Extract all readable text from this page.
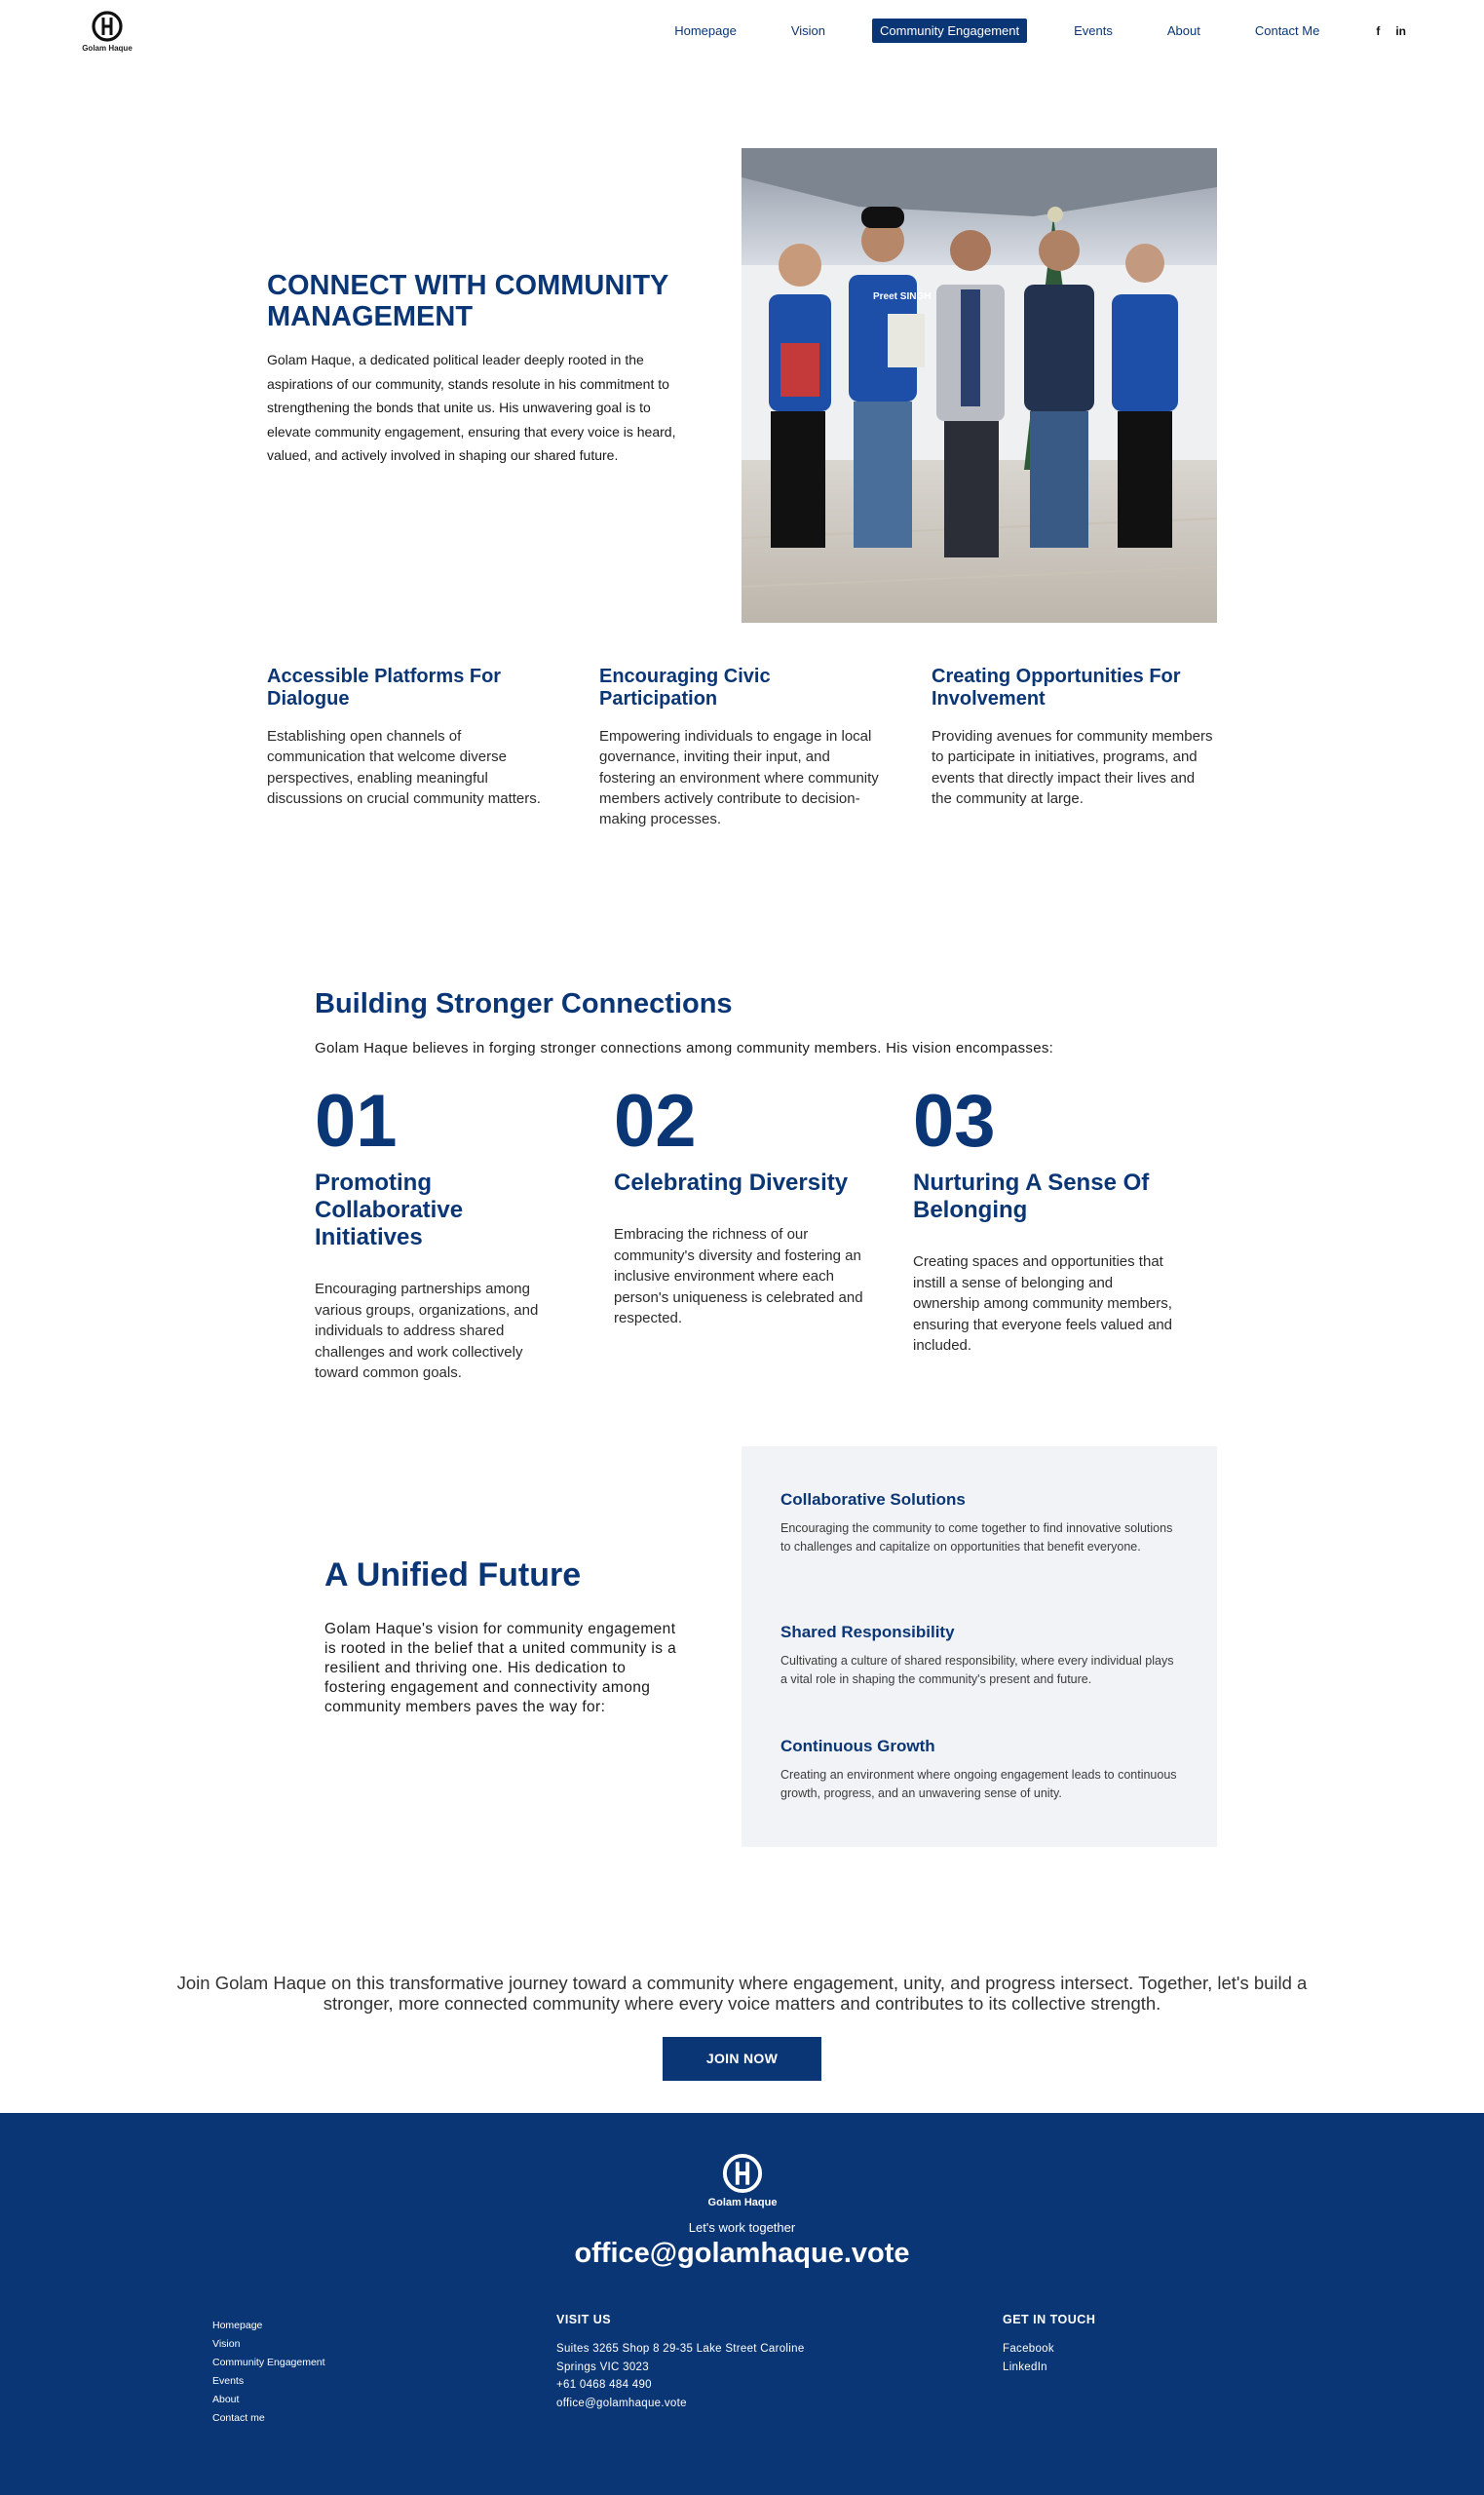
Golam Haque
Homepage	Vision	Community Engagement	Events	About	Contact Me	f in
CONNECT WITH COMMUNITY MANAGEMENT

Golam Haque, a dedicated political leader deeply rooted in the aspirations of our community, stands resolute in his commitment to strengthening the bonds that unite us. His unwavering goal is to elevate community engagement, ensuring that every voice is heard, valued, and actively involved in shaping our shared future.

Preet SINGH
Accessible Platforms For Dialogue

Establishing open channels of communication that welcome diverse perspectives, enabling meaningful discussions on crucial community matters.

Encouraging Civic Participation

Empowering individuals to engage in local governance, inviting their input, and fostering an environment where community members actively contribute to decision-making processes.

Creating Opportunities For Involvement

Providing avenues for community members to participate in initiatives, programs, and events that directly impact their lives and the community at large.

Building Stronger Connections

Golam Haque believes in forging stronger connections among community members. His vision encompasses:

01
Promoting Collaborative Initiatives

Encouraging partnerships among various groups, organizations, and individuals to address shared challenges and work collectively toward common goals.

02
Celebrating Diversity

Embracing the richness of our community's diversity and fostering an inclusive environment where each person's uniqueness is celebrated and respected.

03
Nurturing A Sense Of Belonging

Creating spaces and opportunities that instill a sense of belonging and ownership among community members, ensuring that everyone feels valued and included.

A Unified Future

Golam Haque's vision for community engagement is rooted in the belief that a united community is a resilient and thriving one. His dedication to fostering engagement and connectivity among community members paves the way for:

Collaborative Solutions

Encouraging the community to come together to find innovative solutions to challenges and capitalize on opportunities that benefit everyone.

Shared Responsibility

Cultivating a culture of shared responsibility, where every individual plays a vital role in shaping the community's present and future.

Continuous Growth

Creating an environment where ongoing engagement leads to continuous growth, progress, and an unwavering sense of unity.

Join Golam Haque on this transformative journey toward a community where engagement, unity, and progress intersect. Together, let's build a stronger, more connected community where every voice matters and contributes to its collective strength.

JOIN NOW
Golam Haque
Let's work together
office@golamhaque.vote
Homepage
Vision
Community Engagement
Events
About
Contact me
VISIT US
Suites 3265 Shop 8 29-35 Lake Street Caroline
Springs VIC 3023
+61 0468 484 490
office@golamhaque.vote
GET IN TOUCH
Facebook
LinkedIn
